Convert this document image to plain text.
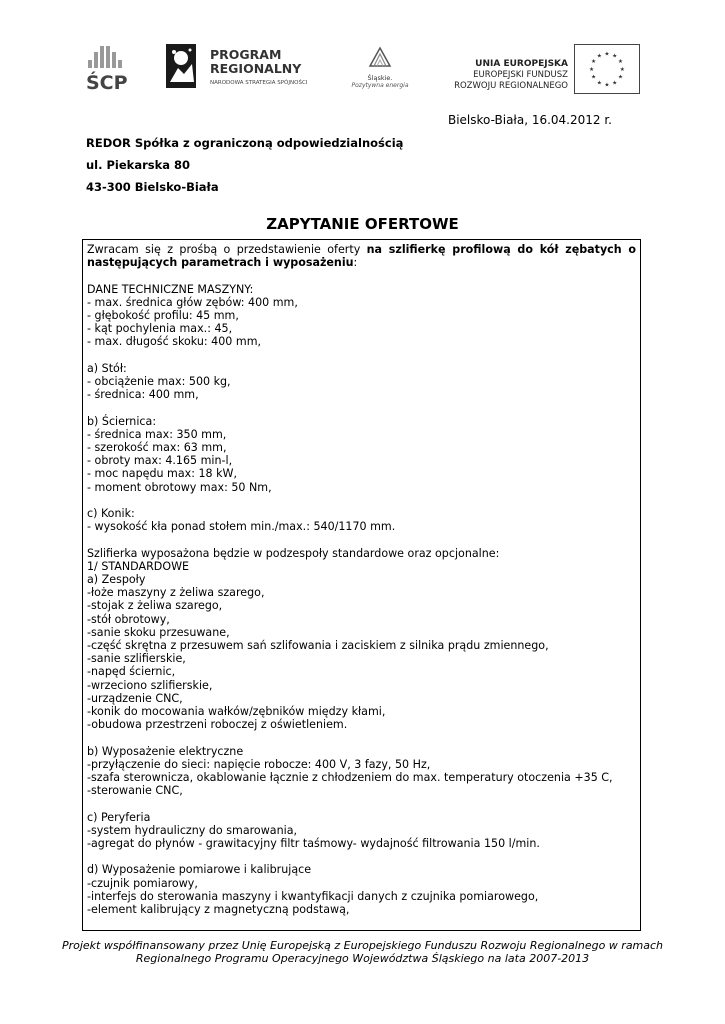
ŚCP
PROGRAM
REGIONALNY
NARODOWA STRATEGIA SPÓJNOŚCI
Śląskie.
Pozytywna energia
UNIA EUROPEJSKA
EUROPEJSKI FUNDUSZ
ROZWOJU REGIONALNEGO
★ ★
★
★
★
★
★
★
★
★
★
★
Bielsko-Biała, 16.04.2012 r.
REDOR Spółka z ograniczoną odpowiedzialnością
ul. Piekarska 80
43-300 Bielsko-Biała
ZAPYTANIE OFERTOWE

Zwracam się z prośbą o przedstawienie oferty na szlifierkę profilową do kół zębatych o następujących parametrach i wyposażeniu:

DANE TECHNICZNE MASZYNY:
- max. średnica głów zębów: 400 mm,
- głębokość profilu: 45 mm,
- kąt pochylenia max.: 45,
- max. długość skoku: 400 mm,
a) Stół:
- obciążenie max: 500 kg,
- średnica: 400 mm,
b) Ściernica:
- średnica max: 350 mm,
- szerokość max: 63 mm,
- obroty max: 4.165 min-l,
- moc napędu max: 18 kW,
- moment obrotowy max: 50 Nm,
c) Konik:
- wysokość kła ponad stołem min./max.: 540/1170 mm.
Szlifierka wyposażona będzie w podzespoły standardowe oraz opcjonalne:
1/ STANDARDOWE
a) Zespoły
-łoże maszyny z żeliwa szarego,
-stojak z żeliwa szarego,
-stół obrotowy,
-sanie skoku przesuwane,
-część skrętna z przesuwem sań szlifowania i zaciskiem z silnika prądu zmiennego,
-sanie szlifierskie,
-napęd ściernic,
-wrzeciono szlifierskie,
-urządzenie CNC,
-konik do mocowania wałków/zębników między kłami,
-obudowa przestrzeni roboczej z oświetleniem.
b) Wyposażenie elektryczne
-przyłączenie do sieci: napięcie robocze: 400 V, 3 fazy, 50 Hz,
-szafa sterownicza, okablowanie łącznie z chłodzeniem do max. temperatury otoczenia +35 C,
-sterowanie CNC,
c) Peryferia
-system hydrauliczny do smarowania,
-agregat do płynów - grawitacyjny filtr taśmowy- wydajność filtrowania 150 l/min.
d) Wyposażenie pomiarowe i kalibrujące
-czujnik pomiarowy,
-interfejs do sterowania maszyny i kwantyfikacji danych z czujnika pomiarowego,
-element kalibrujący z magnetyczną podstawą,
Projekt współfinansowany przez Unię Europejską z Europejskiego Funduszu Rozwoju Regionalnego w ramach
Regionalnego Programu Operacyjnego Województwa Śląskiego na lata 2007-2013
